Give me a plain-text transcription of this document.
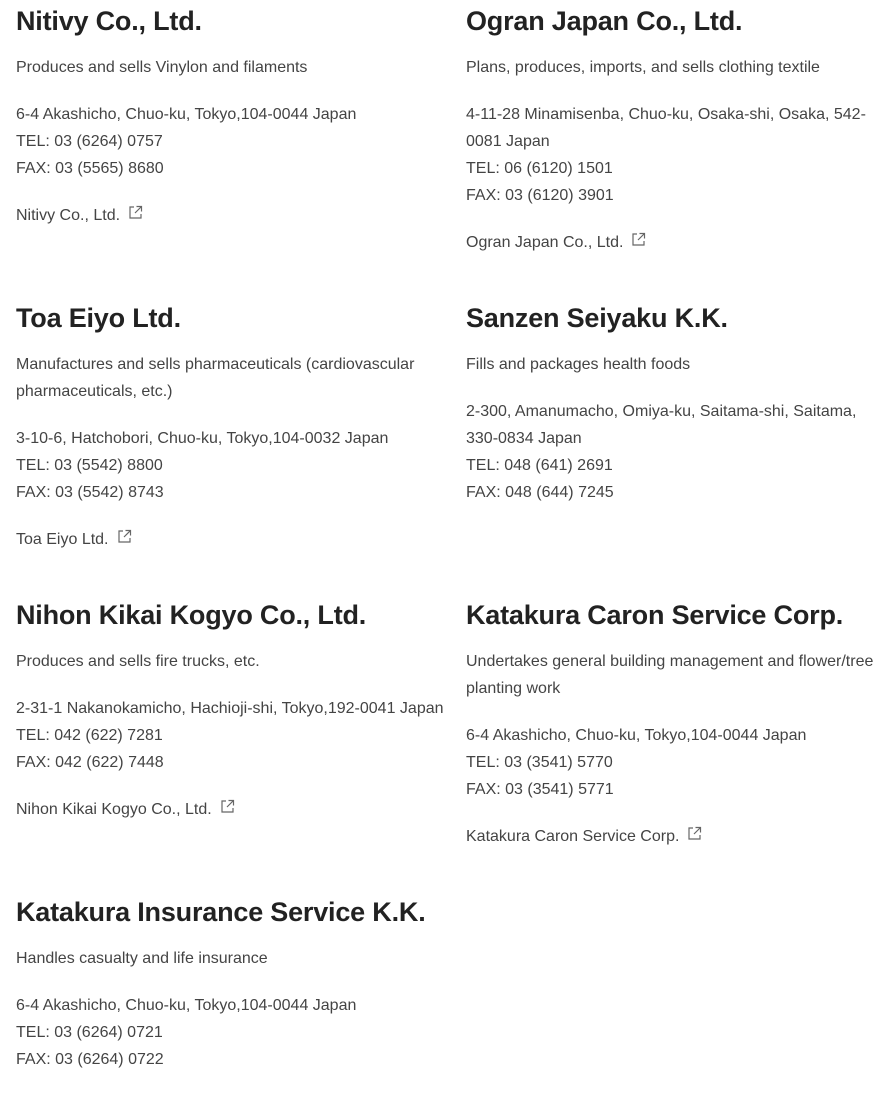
Nitivy Co., Ltd.

Produces and sells Vinylon and filaments

6-4 Akashicho, Chuo-ku, Tokyo,104-0044 Japan
TEL: 03 (6264) 0757
FAX: 03 (5565) 8680
Nitivy Co., Ltd.
Ogran Japan Co., Ltd.

Plans, produces, imports, and sells clothing textile

4-11-28 Minamisenba, Chuo-ku, Osaka-shi, Osaka, 542-0081 Japan
TEL: 06 (6120) 1501
FAX: 03 (6120) 3901
Ogran Japan Co., Ltd.
Toa Eiyo Ltd.

Manufactures and sells pharmaceuticals (cardiovascular pharmaceuticals, etc.)

3-10-6, Hatchobori, Chuo-ku, Tokyo,104-0032 Japan
TEL: 03 (5542) 8800
FAX: 03 (5542) 8743
Toa Eiyo Ltd.
Sanzen Seiyaku K.K.

Fills and packages health foods

2-300, Amanumacho, Omiya-ku, Saitama-shi, Saitama, 330-0834 Japan
TEL: 048 (641) 2691
FAX: 048 (644) 7245
Nihon Kikai Kogyo Co., Ltd.

Produces and sells fire trucks, etc.

2-31-1 Nakanokamicho, Hachioji-shi, Tokyo,192-0041 Japan
TEL: 042 (622) 7281
FAX: 042 (622) 7448
Nihon Kikai Kogyo Co., Ltd.
Katakura Caron Service Corp.

Undertakes general building management and flower/tree planting work

6-4 Akashicho, Chuo-ku, Tokyo,104-0044 Japan
TEL: 03 (3541) 5770
FAX: 03 (3541) 5771
Katakura Caron Service Corp.
Katakura Insurance Service K.K.

Handles casualty and life insurance

6-4 Akashicho, Chuo-ku, Tokyo,104-0044 Japan
TEL: 03 (6264) 0721
FAX: 03 (6264) 0722
